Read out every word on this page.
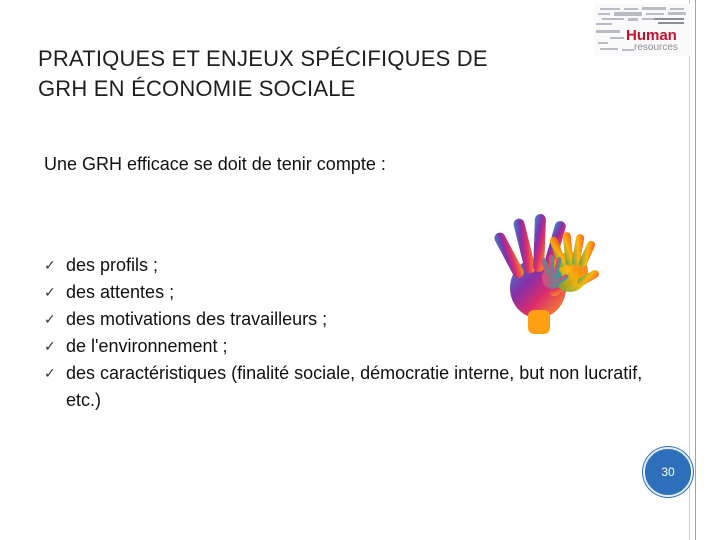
Human
resources
PRATIQUES ET ENJEUX SPÉCIFIQUES DE
GRH EN ÉCONOMIE SOCIALE
Une GRH efficace se doit de tenir compte :
✓ des profils ;
✓ des attentes ;
✓ des motivations des travailleurs ;
✓ de l'environnement ;
✓ des caractéristiques (finalité sociale, démocratie interne, but non lucratif, etc.)
30
